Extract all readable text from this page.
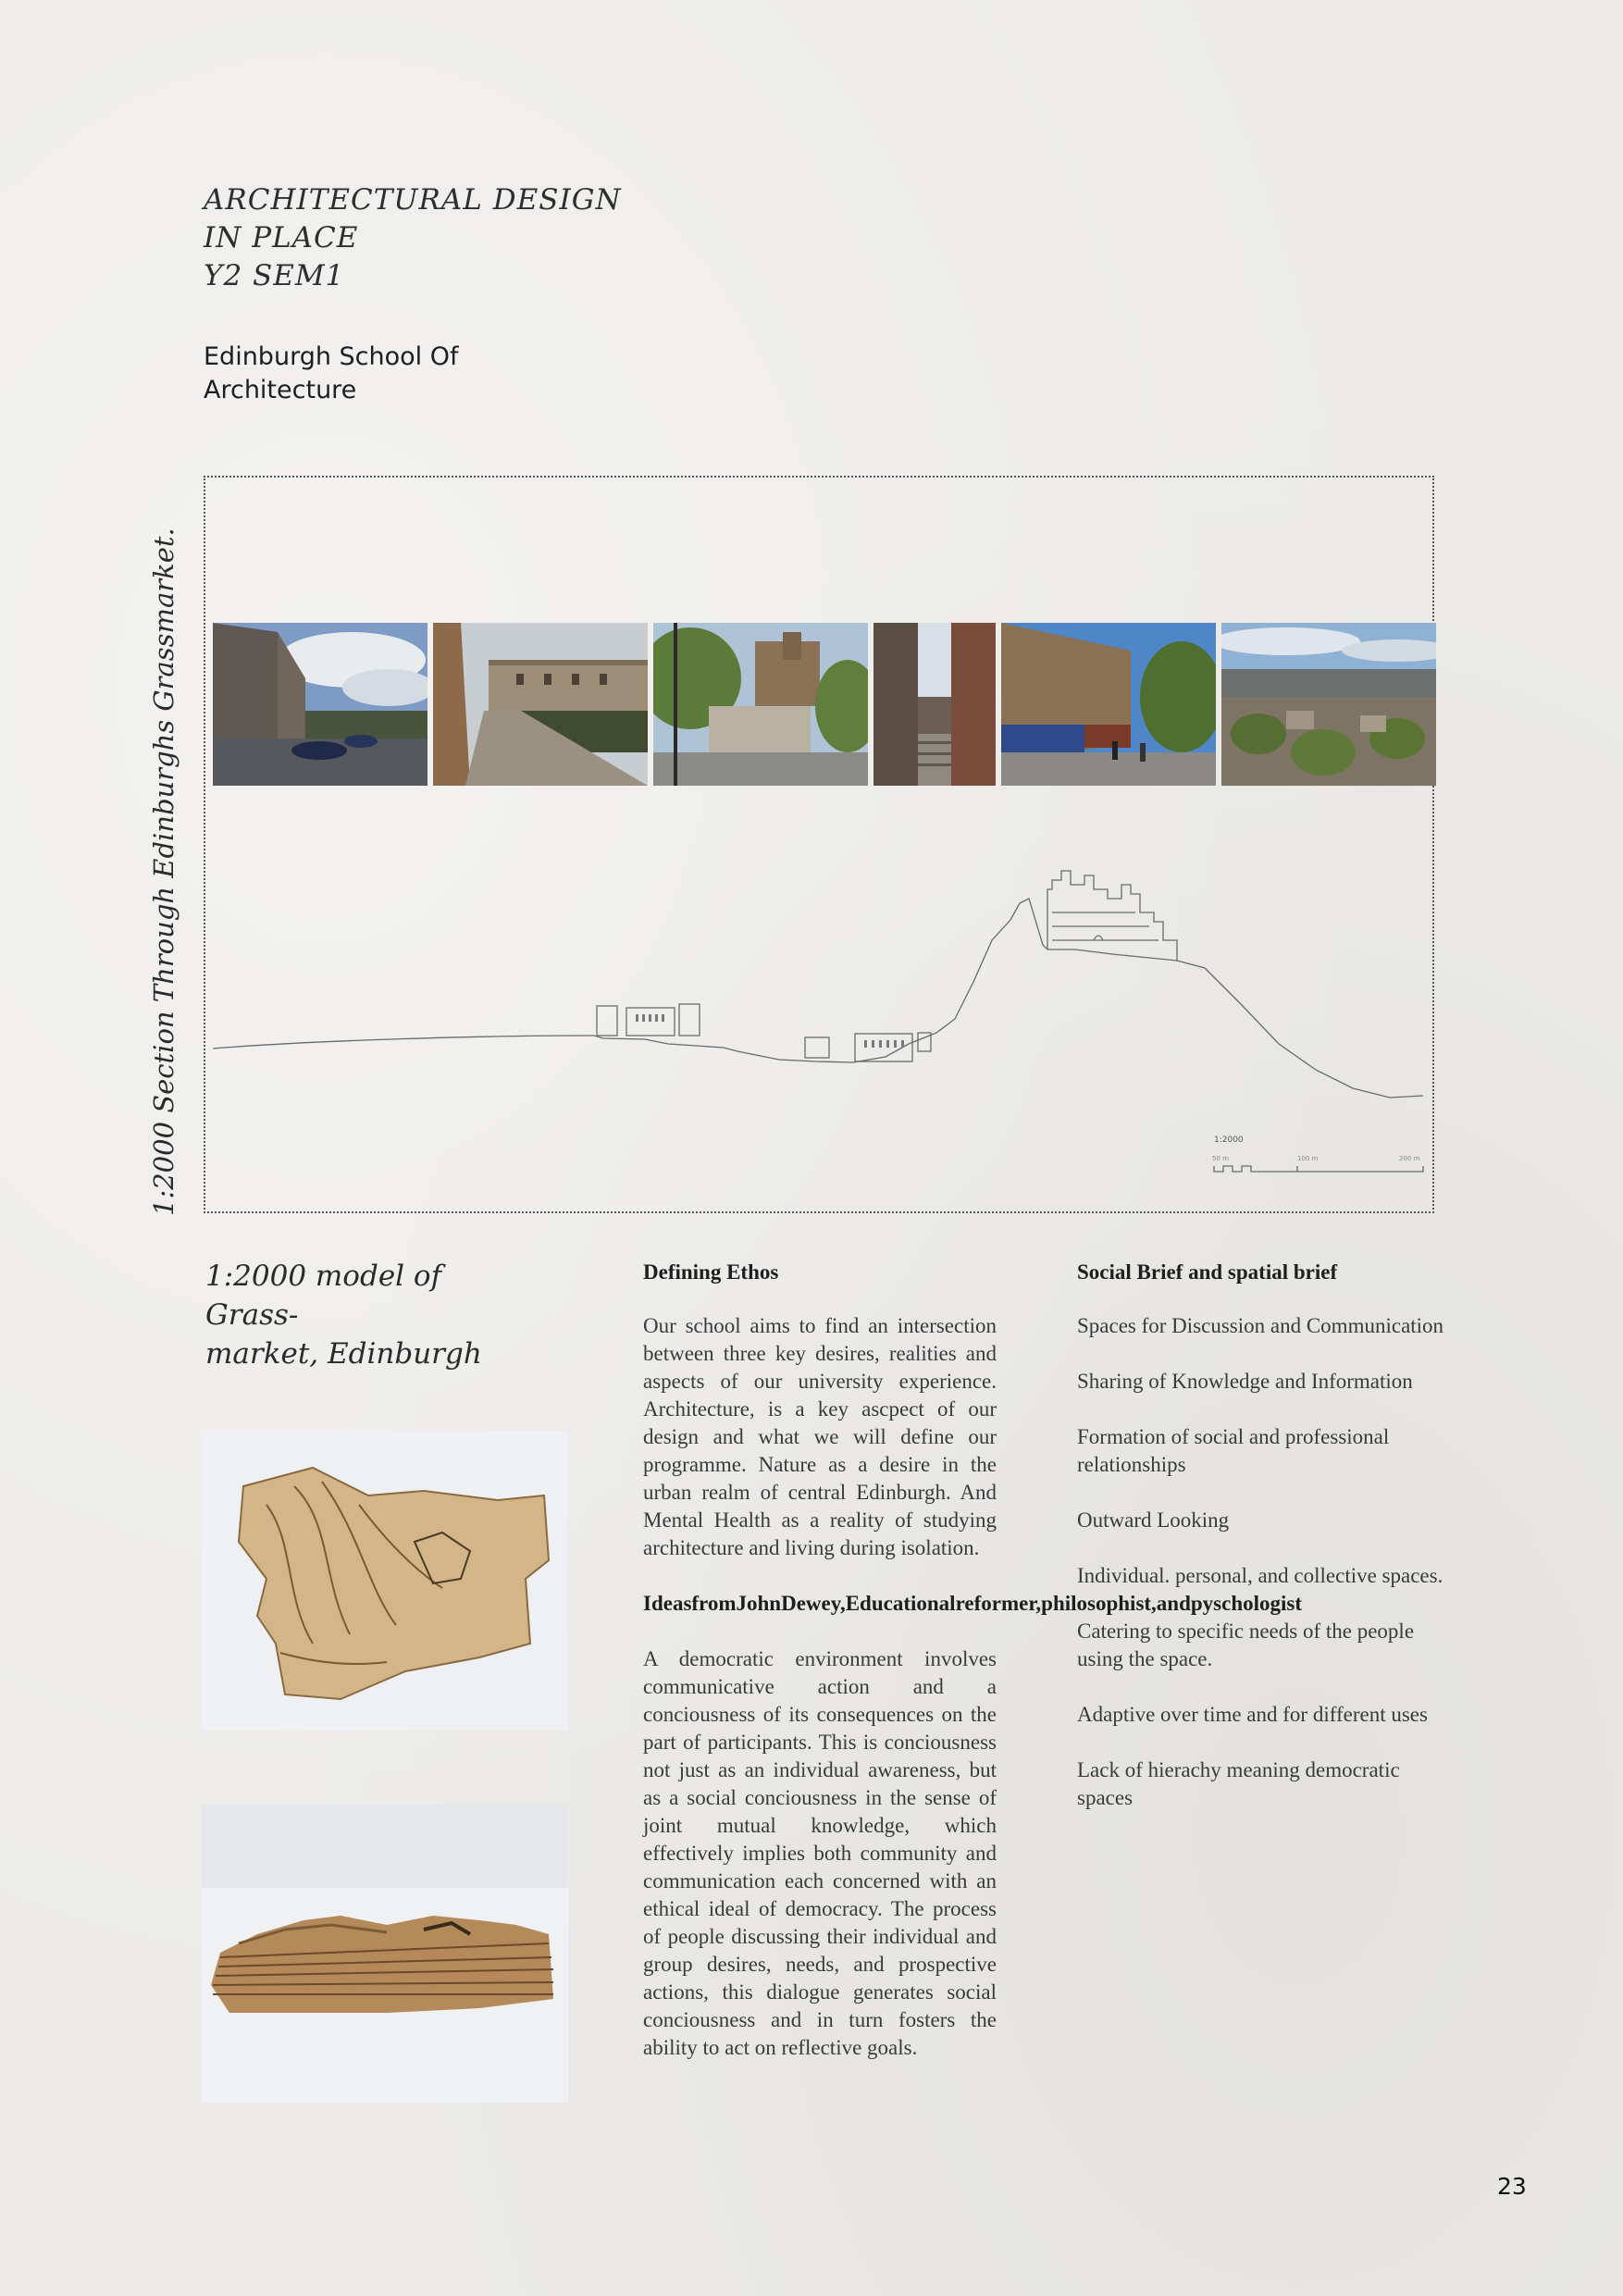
ARCHITECTURAL DESIGN
IN PLACE
Y2 SEM1
Edinburgh School Of
Architecture
1:2000 Section Through Edinburghs Grassmarket.	1:2000
50 m	100 m	200 m
1:2000 model of Grass-
market, Edinburgh
Defining Ethos

Our school aims to find an intersection between three key desires, realities and aspects of our university experience. Architecture, is a key ascpect of our design and what we will define our programme. Nature as a desire in the urban realm of central Edinburgh. And Mental Health as a reality of studying architecture and living during isolation.

IdeasfromJohnDewey,Educationalreformer,philosophist,andpyschologist

A democratic environment involves communicative action and a conciousness of its consequences on the part of participants. This is conciousness not just as an individual awareness, but as a social conciousness in the sense of joint mutual knowledge, which effectively implies both community and communication each concerned with an ethical ideal of democracy. The process of people discussing their individual and group desires, needs, and prospective actions, this dialogue generates social conciousness and in turn fosters the ability to act on reflective goals.

Social Brief and spatial brief

Spaces for Discussion and Communication

Sharing of Knowledge and Information

Formation of social and professional relationships

Outward Looking

Individual. personal, and collective spaces.

Catering to specific needs of the people using the space.

Adaptive over time and for different uses

Lack of hierachy meaning democratic spaces

23
